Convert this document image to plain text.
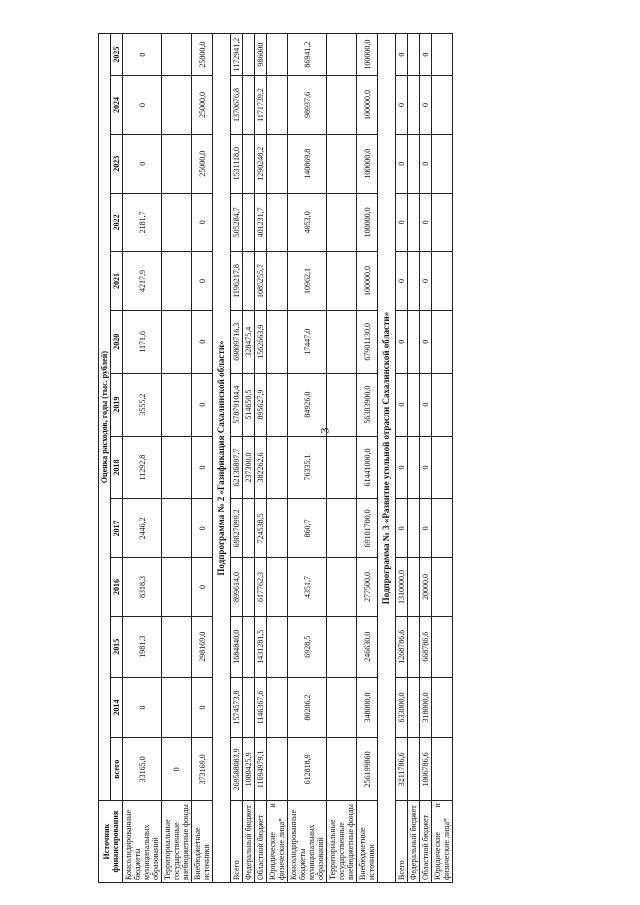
3
Источник финансирования	Оценка расходов, годы (тыс. рублей)												
	всего	2014	2015	2016	2017	2018	2019	2020	2021	2022	2023	2024	2025
Консолидированные бюджеты муниципальных образований	33165,0	0	1981,3	8318,3	2446,2	11292,8	3555,2	1171,6	4217,9	2181,7	0	0	0
Территориальные государственные внебюджетные фонды	0												
Внебюджетные источники	373169,0	0	298169,0	0	0	0	0	0	0	0	25000,0	25000,0	25000,0
Подпрограмма № 2 «Газификация Сахалинской области»													
Всего	269588083,9	1574573,8	1684840,0	899614,0	69827099,2	62136897,7	57879104,4	69809716,3	1196217,8	505284,7	1531118,0	1370676,8	1172941,2
Федеральный бюджет	1080425,9					237300,0	514650,5	328475,4					
Областной бюджет	11694979,1	1146367,6	1431281,5	617762,3	724538,5	382262,6	895627,9	1562663,9	1085255,7	401231,7	1290248,2	1171739,2	986000
Юридические и физические лица*													
Консолидированные бюджеты муниципальных образований	612818,9	80206,2	6928,5	4351,7	860,7	76335,1	84926,0	17447,0	10962,1	4053,0	140869,8	98937,6	86941,2
Территориальные государственные внебюджетные фонды													
Внебюджетные источники	256199860	348000,0	246630,0	277500,0	69101700,0	61441000,0	56383900,0	67901130,0	100000,0	100000,0	100000,0	100000,0	100000,0
Подпрограмма № 3 «Развитие угольной отрасли Сахалинской области»													
Всего	3211786,6	633000,0	1268786,6	1310000,0	0	0	0	0	0	0	0	0	0
Федеральный бюджет													
Областной бюджет	1006786,6	318000,0	668786,6	20000,0	0	0	0	0	0	0	0	0	0
Юридические и физические лица*													
